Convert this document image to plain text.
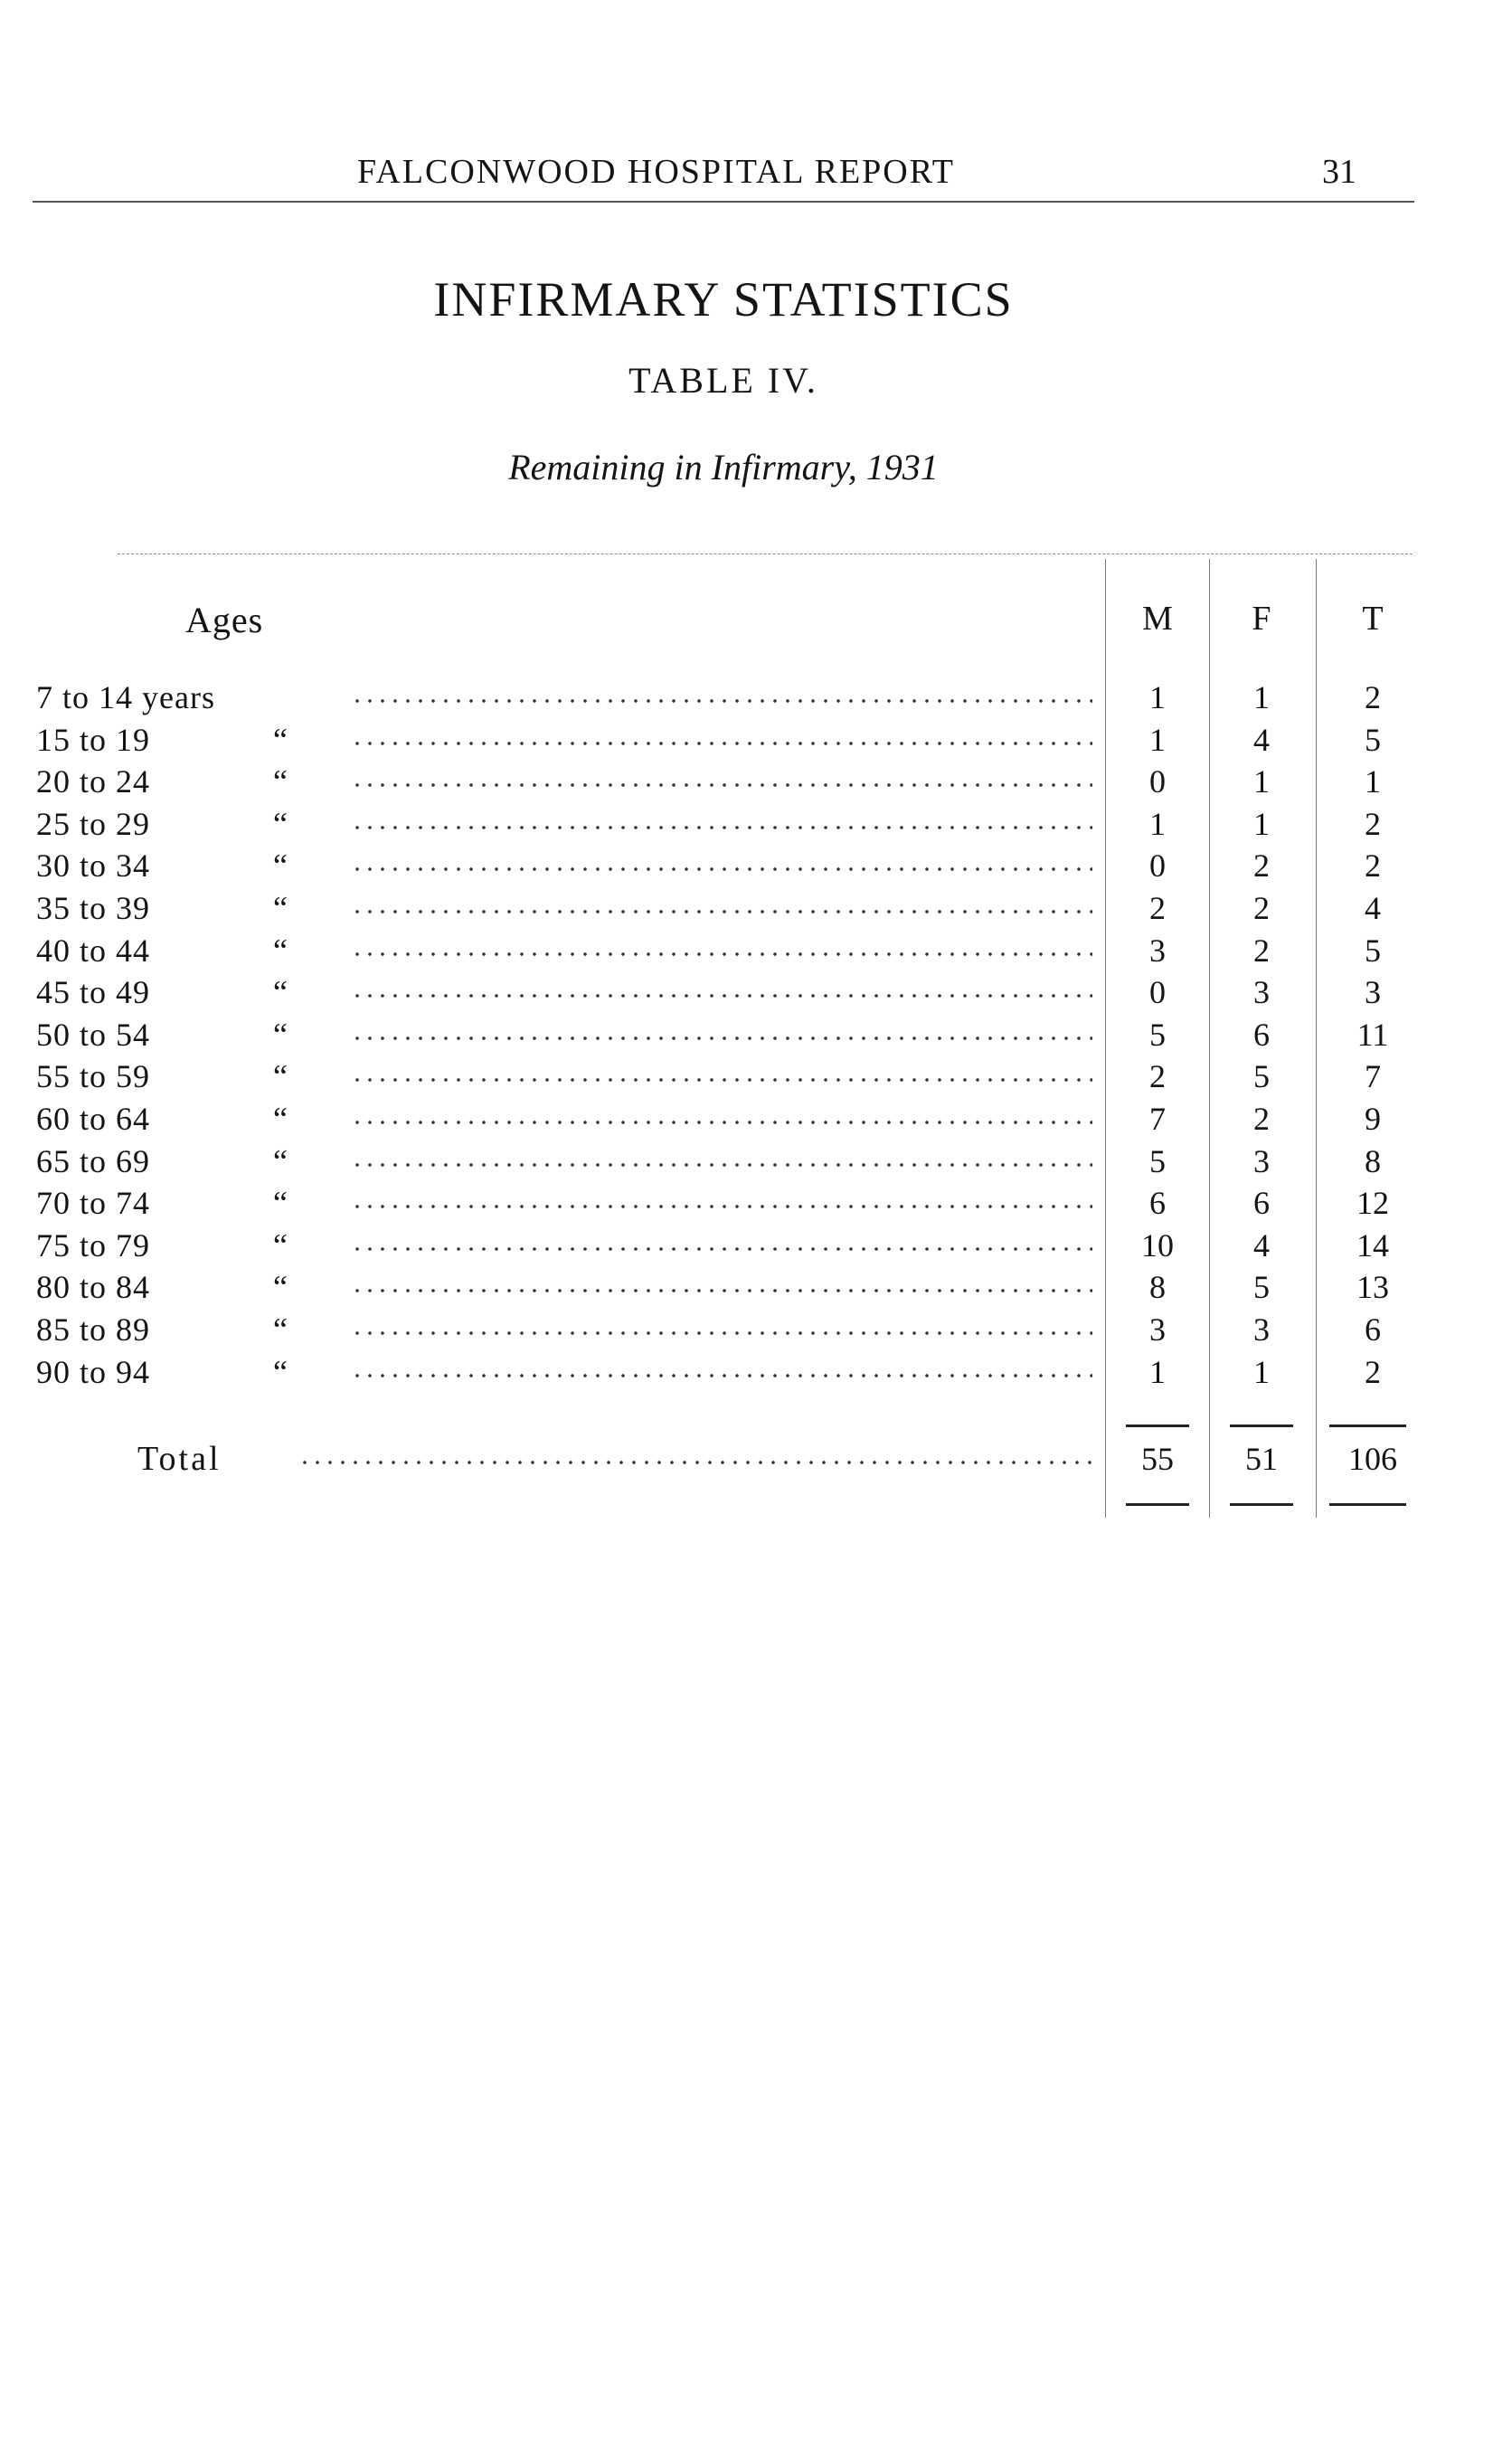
FALCONWOOD HOSPITAL REPORT	31
INFIRMARY STATISTICS
TABLE IV.
Remaining in Infirmary, 1931
Ages	M	F	T
7 to 14 years	1	1	2
15 to 19	“	1	4	5
20 to 24	“	0	1	1
25 to 29	“	1	1	2
30 to 34	“	0	2	2
35 to 39	“	2	2	4
40 to 44	“	3	2	5
45 to 49	“	0	3	3
50 to 54	“	5	6	11
55 to 59	“	2	5	7
60 to 64	“	7	2	9
65 to 69	“	5	3	8
70 to 74	“	6	6	12
75 to 79	“	10	4	14
80 to 84	“	8	5	13
85 to 89	“	3	3	6
90 to 94	“	1	1	2
Total	55	51	106
